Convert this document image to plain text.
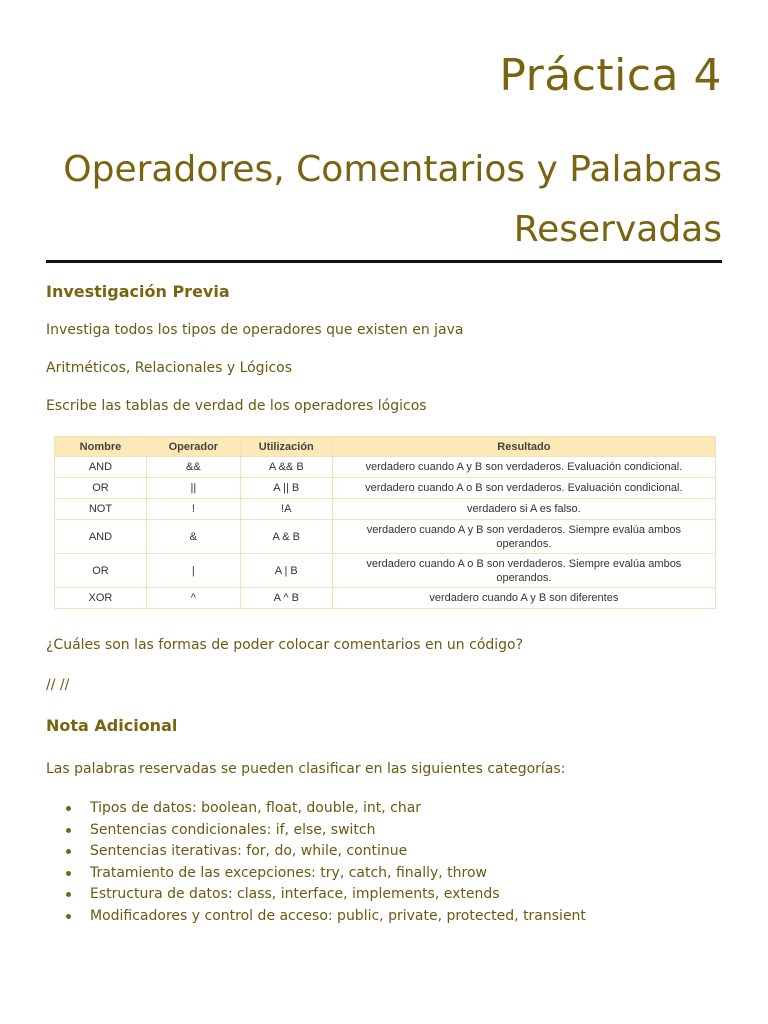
Práctica 4
Operadores, Comentarios y Palabras Reservadas
Investigación Previa

Investiga todos los tipos de operadores que existen en java

Aritméticos, Relacionales y Lógicos

Escribe las tablas de verdad de los operadores lógicos

Nombre	Operador	Utilización	Resultado
AND	&&	A && B	verdadero cuando A y B son verdaderos. Evaluación condicional.
OR	||	A || B	verdadero cuando A o B son verdaderos. Evaluación condicional.
NOT	!	!A	verdadero si A es falso.
AND	&	A & B	verdadero cuando A y B son verdaderos. Siempre evalúa ambos operandos.
OR	|	A | B	verdadero cuando A o B son verdaderos. Siempre evalúa ambos operandos.
XOR	^	A ^ B	verdadero cuando A y B son diferentes

¿Cuáles son las formas de poder colocar comentarios en un código?

// //

Nota Adicional

Las palabras reservadas se pueden clasificar en las siguientes categorías:

Tipos de datos: boolean, float, double, int, char
Sentencias condicionales: if, else, switch
Sentencias iterativas: for, do, while, continue
Tratamiento de las excepciones: try, catch, finally, throw
Estructura de datos: class, interface, implements, extends
Modificadores y control de acceso: public, private, protected, transient
